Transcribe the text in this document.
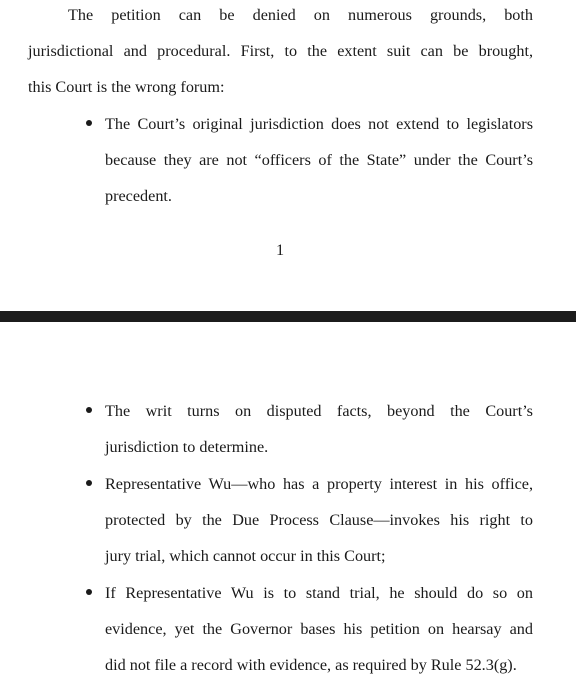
The petition can be denied on numerous grounds, both
jurisdictional and procedural. First, to the extent suit can be brought,
this Court is the wrong forum:
The Court’s original jurisdiction does not extend to legislators
because they are not “officers of the State” under the Court’s
precedent.
1
The writ turns on disputed facts, beyond the Court’s
jurisdiction to determine.
Representative Wu—who has a property interest in his office,
protected by the Due Process Clause—invokes his right to
jury trial, which cannot occur in this Court;
If Representative Wu is to stand trial, he should do so on
evidence, yet the Governor bases his petition on hearsay and
did not file a record with evidence, as required by Rule 52.3(g).
